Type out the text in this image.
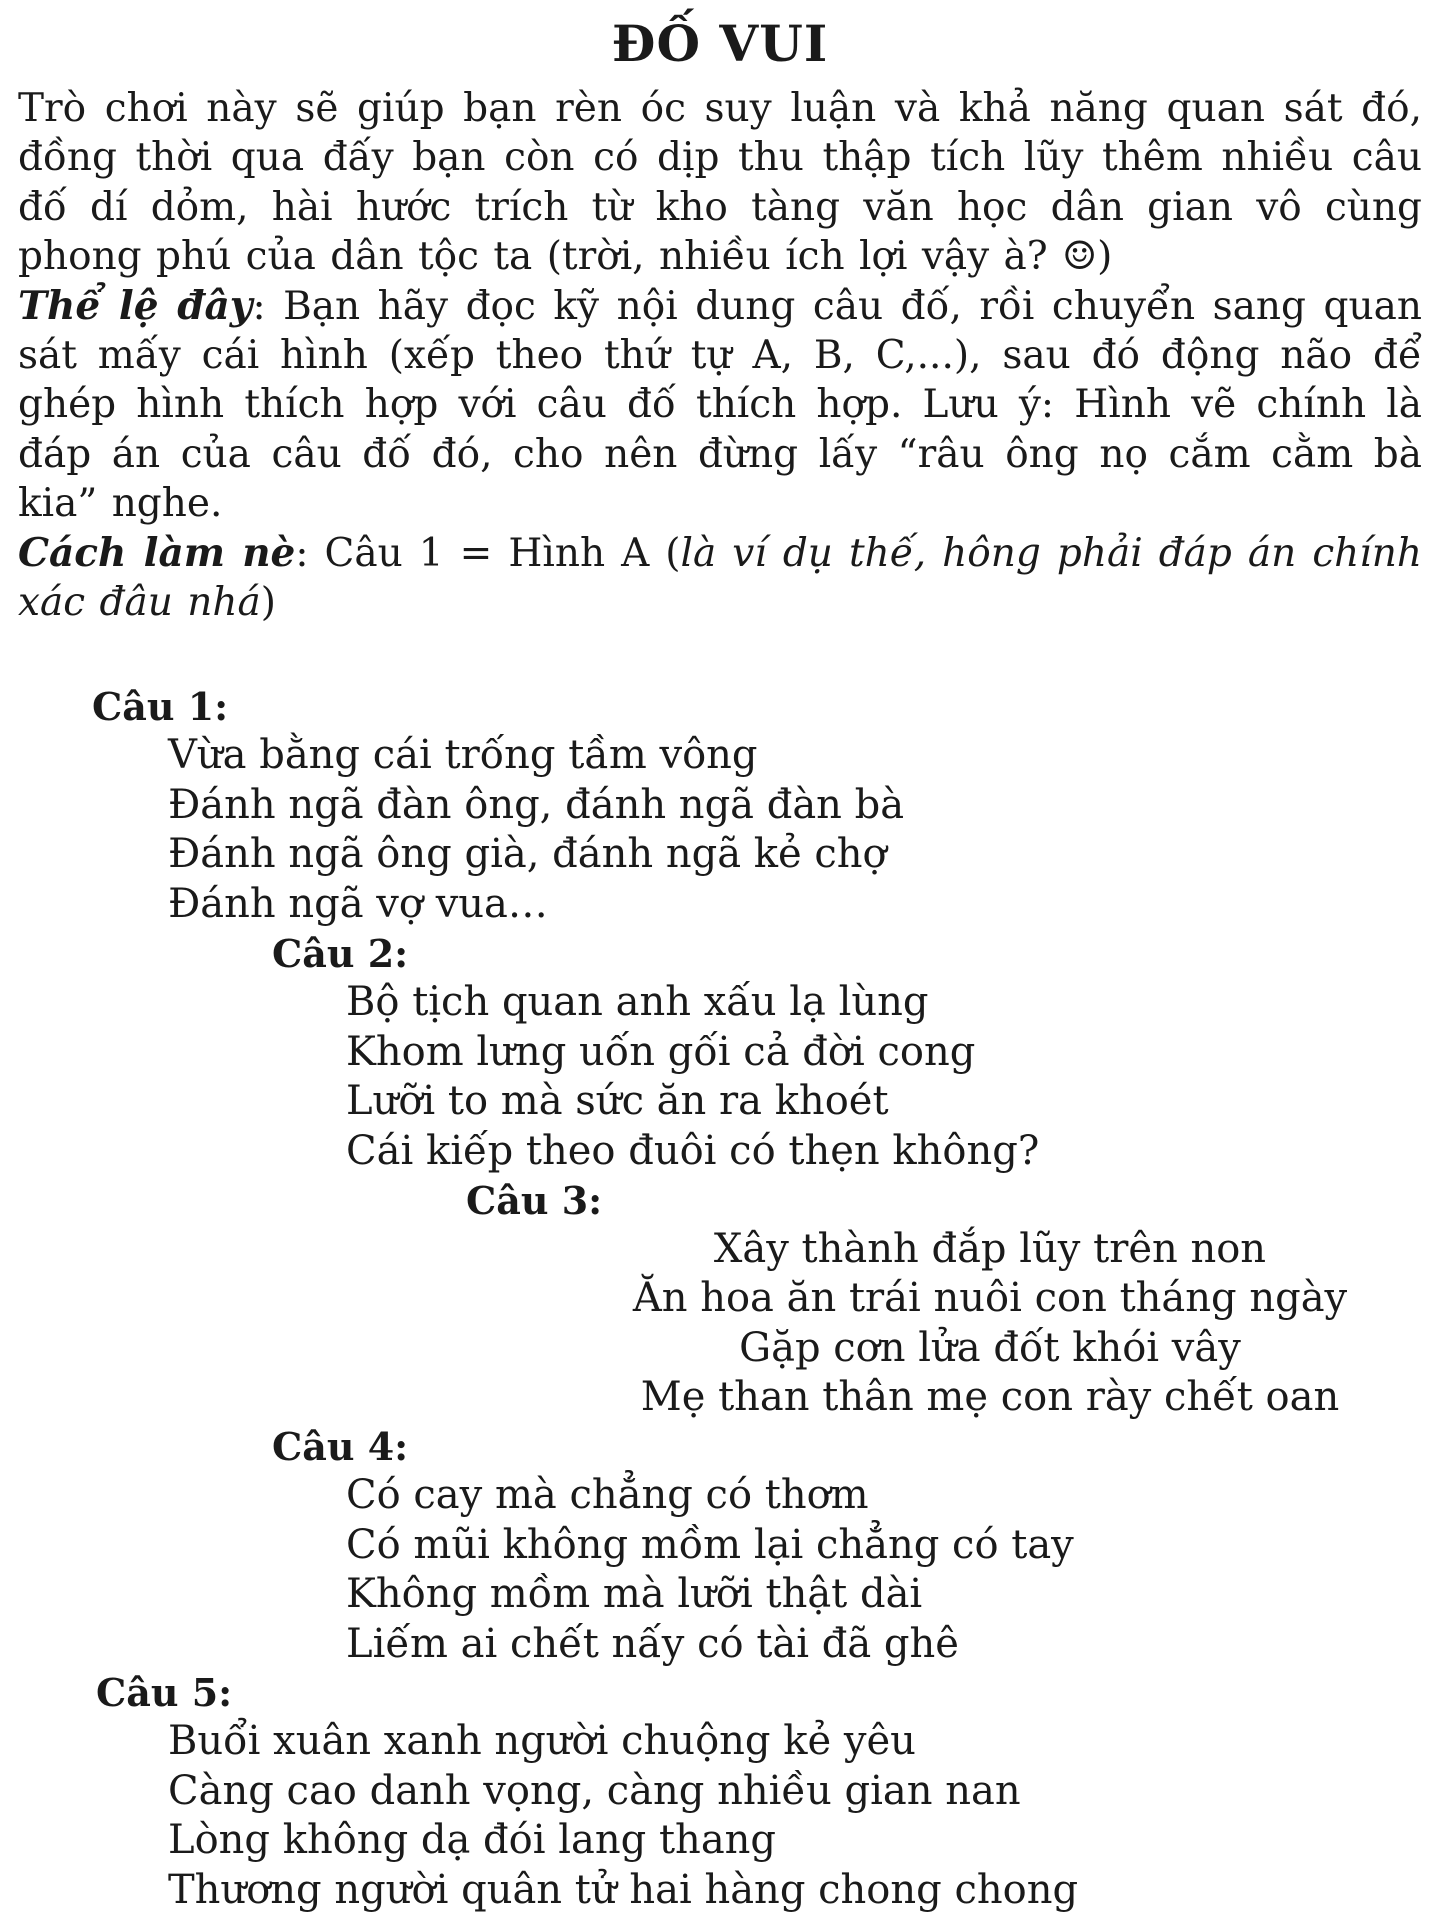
ĐỐ VUI

Trò chơi này sẽ giúp bạn rèn óc suy luận và khả năng quan sát đó, đồng thời qua đấy bạn còn có dịp thu thập tích lũy thêm nhiều câu đố dí dỏm, hài hước trích từ kho tàng văn học dân gian vô cùng phong phú của dân tộc ta (trời, nhiều ích lợi vậy à? ☺)

Thể lệ đây: Bạn hãy đọc kỹ nội dung câu đố, rồi chuyển sang quan sát mấy cái hình (xếp theo thứ tự A, B, C,...), sau đó động não để ghép hình thích hợp với câu đố thích hợp. Lưu ý: Hình vẽ chính là đáp án của câu đố đó, cho nên đừng lấy “râu ông nọ cắm cằm bà kia” nghe.

Cách làm nè: Câu 1 = Hình A (là ví dụ thế, hông phải đáp án chính xác đâu nhá)

Câu 1:
Vừa bằng cái trống tầm vông
Đánh ngã đàn ông, đánh ngã đàn bà
Đánh ngã ông già, đánh ngã kẻ chợ
Đánh ngã vợ vua…
Câu 2:
Bộ tịch quan anh xấu lạ lùng
Khom lưng uốn gối cả đời cong
Lưỡi to mà sức ăn ra khoét
Cái kiếp theo đuôi có thẹn không?
Câu 3:
Xây thành đắp lũy trên non
Ăn hoa ăn trái nuôi con tháng ngày
Gặp cơn lửa đốt khói vây
Mẹ than thân mẹ con rày chết oan
Câu 4:
Có cay mà chẳng có thơm
Có mũi không mồm lại chẳng có tay
Không mồm mà lưỡi thật dài
Liếm ai chết nấy có tài đã ghê
Câu 5:
Buổi xuân xanh người chuộng kẻ yêu
Càng cao danh vọng, càng nhiều gian nan
Lòng không dạ đói lang thang
Thương người quân tử hai hàng chong chong
